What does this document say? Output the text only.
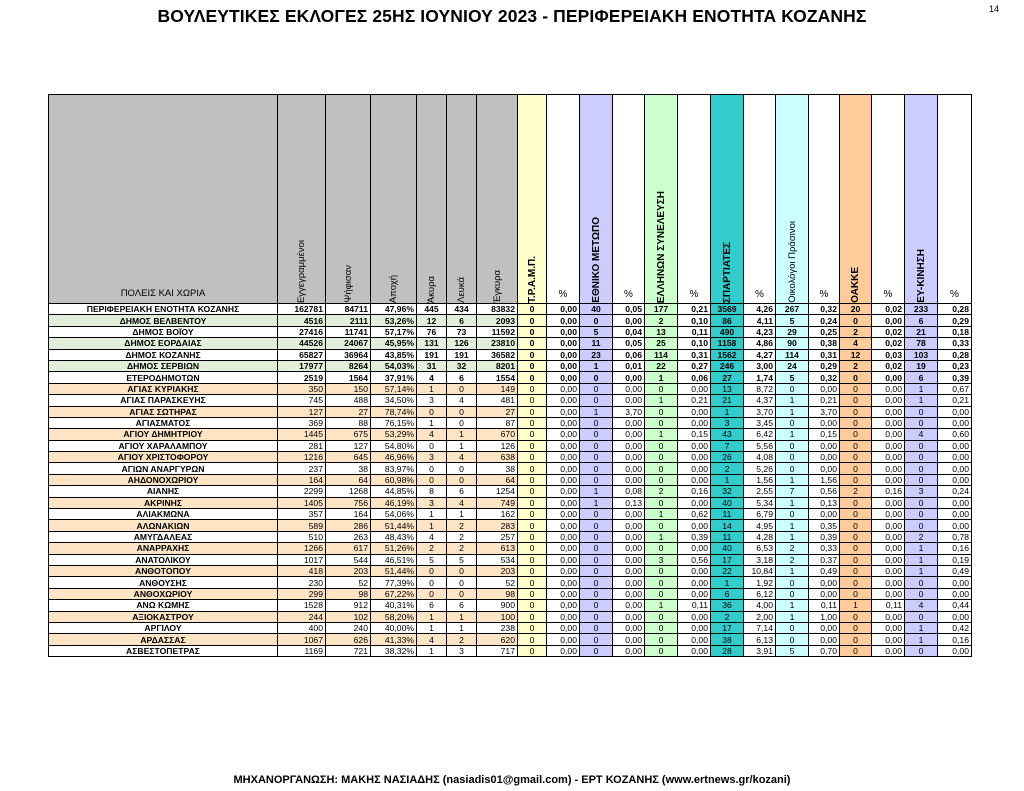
ΒΟΥΛΕΥΤΙΚΕΣ ΕΚΛΟΓΕΣ 25ΗΣ ΙΟΥΝΙΟΥ 2023 - ΠΕΡΙΦΕΡΕΙΑΚΗ ΕΝΟΤΗΤΑ ΚΟΖΑΝΗΣ	14
ΠΟΛΕΙΣ ΚΑΙ ΧΩΡΙΑ	Εγγεγραμμένοι	Ψήφισαν	Αποχή	Άκυρα	Λευκά	Έγκυρα	Τ.Ρ.Α.Μ.Π.	%	ΕΘΝΙΚΟ ΜΕΤΩΠΟ	%	ΕΛΛΗΝΩΝ ΣΥΝΕΛΕΥΣΗ	%	ΣΠΑΡΤΙΑΤΕΣ	%	Οικολόγοι Πράσινοι	%	ΟΑΚΚΕ	%	ΕΥ-ΚΙΝΗΣΗ	%
ΠΕΡΙΦΕΡΕΙΑΚΗ ΕΝΟΤΗΤΑ ΚΟΖΑΝΗΣ	162781	84711	47,96%	445	434	83832	0	0,00	40	0,05	177	0,21	3569	4,26	267	0,32	20	0,02	233	0,28
ΔΗΜΟΣ ΒΕΛΒΕΝΤΟΥ	4516	2111	53,26%	12	6	2093	0	0,00	0	0,00	2	0,10	86	4,11	5	0,24	0	0,00	6	0,29
ΔΗΜΟΣ ΒΟΪΟΥ	27416	11741	57,17%	76	73	11592	0	0,00	5	0,04	13	0,11	490	4,23	29	0,25	2	0,02	21	0,18
ΔΗΜΟΣ ΕΟΡΔΑΙΑΣ	44526	24067	45,95%	131	126	23810	0	0,00	11	0,05	25	0,10	1158	4,86	90	0,38	4	0,02	78	0,33
ΔΗΜΟΣ ΚΟΖΑΝΗΣ	65827	36964	43,85%	191	191	36582	0	0,00	23	0,06	114	0,31	1562	4,27	114	0,31	12	0,03	103	0,28
ΔΗΜΟΣ ΣΕΡΒΙΩΝ	17977	8264	54,03%	31	32	8201	0	0,00	1	0,01	22	0,27	246	3,00	24	0,29	2	0,02	19	0,23
ΕΤΕΡΟΔΗΜΟΤΩΝ	2519	1564	37,91%	4	6	1554	0	0,00	0	0,00	1	0,06	27	1,74	5	0,32	0	0,00	6	0,39
ΑΓΙΑΣ ΚΥΡΙΑΚΗΣ	350	150	57,14%	1	0	149	0	0,00	0	0,00	0	0,00	13	8,72	0	0,00	0	0,00	1	0,67
ΑΓΙΑΣ ΠΑΡΑΣΚΕΥΗΣ	745	488	34,50%	3	4	481	0	0,00	0	0,00	1	0,21	21	4,37	1	0,21	0	0,00	1	0,21
ΑΓΙΑΣ ΣΩΤΗΡΑΣ	127	27	78,74%	0	0	27	0	0,00	1	3,70	0	0,00	1	3,70	1	3,70	0	0,00	0	0,00
ΑΓΙΑΣΜΑΤΟΣ	369	88	76,15%	1	0	87	0	0,00	0	0,00	0	0,00	3	3,45	0	0,00	0	0,00	0	0,00
ΑΓΙΟΥ ΔΗΜΗΤΡΙΟΥ	1445	675	53,29%	4	1	670	0	0,00	0	0,00	1	0,15	43	6,42	1	0,15	0	0,00	4	0,60
ΑΓΙΟΥ ΧΑΡΑΛΑΜΠΟΥ	281	127	54,80%	0	1	126	0	0,00	0	0,00	0	0,00	7	5,56	0	0,00	0	0,00	0	0,00
ΑΓΙΟΥ ΧΡΙΣΤΟΦΟΡΟΥ	1216	645	46,96%	3	4	638	0	0,00	0	0,00	0	0,00	26	4,08	0	0,00	0	0,00	0	0,00
ΑΓΙΩΝ ΑΝΑΡΓΥΡΩΝ	237	38	83,97%	0	0	38	0	0,00	0	0,00	0	0,00	2	5,26	0	0,00	0	0,00	0	0,00
ΑΗΔΟΝΟΧΩΡΙΟΥ	164	64	60,98%	0	0	64	0	0,00	0	0,00	0	0,00	1	1,56	1	1,56	0	0,00	0	0,00
ΑΙΑΝΗΣ	2299	1268	44,85%	8	6	1254	0	0,00	1	0,08	2	0,16	32	2,55	7	0,56	2	0,16	3	0,24
ΑΚΡΙΝΗΣ	1405	756	46,19%	3	4	749	0	0,00	1	0,13	0	0,00	40	5,34	1	0,13	0	0,00	0	0,00
ΑΛΙΑΚΜΩΝΑ	357	164	54,06%	1	1	162	0	0,00	0	0,00	1	0,62	11	6,79	0	0,00	0	0,00	0	0,00
ΑΛΩΝΑΚΙΩΝ	589	286	51,44%	1	2	283	0	0,00	0	0,00	0	0,00	14	4,95	1	0,35	0	0,00	0	0,00
ΑΜΥΓΔΑΛΕΑΣ	510	263	48,43%	4	2	257	0	0,00	0	0,00	1	0,39	11	4,28	1	0,39	0	0,00	2	0,78
ΑΝΑΡΡΑΧΗΣ	1266	617	51,26%	2	2	613	0	0,00	0	0,00	0	0,00	40	6,53	2	0,33	0	0,00	1	0,16
ΑΝΑΤΟΛΙΚΟΥ	1017	544	46,51%	5	5	534	0	0,00	0	0,00	3	0,56	17	3,18	2	0,37	0	0,00	1	0,19
ΑΝΘΟΤΟΠΟΥ	418	203	51,44%	0	0	203	0	0,00	0	0,00	0	0,00	22	10,84	1	0,49	0	0,00	1	0,49
ΑΝΘΟΥΣΗΣ	230	52	77,39%	0	0	52	0	0,00	0	0,00	0	0,00	1	1,92	0	0,00	0	0,00	0	0,00
ΑΝΘΟΧΩΡΙΟΥ	299	98	67,22%	0	0	98	0	0,00	0	0,00	0	0,00	6	6,12	0	0,00	0	0,00	0	0,00
ΑΝΩ ΚΩΜΗΣ	1528	912	40,31%	6	6	900	0	0,00	0	0,00	1	0,11	36	4,00	1	0,11	1	0,11	4	0,44
ΑΞΙΟΚΑΣΤΡΟΥ	244	102	58,20%	1	1	100	0	0,00	0	0,00	0	0,00	2	2,00	1	1,00	0	0,00	0	0,00
ΑΡΓΙΛΟΥ	400	240	40,00%	1	1	238	0	0,00	0	0,00	0	0,00	17	7,14	0	0,00	0	0,00	1	0,42
ΑΡΔΑΣΣΑΣ	1067	626	41,33%	4	2	620	0	0,00	0	0,00	0	0,00	38	6,13	0	0,00	0	0,00	1	0,16
ΑΣΒΕΣΤΟΠΕΤΡΑΣ	1169	721	38,32%	1	3	717	0	0,00	0	0,00	0	0,00	28	3,91	5	0,70	0	0,00	0	0,00
ΜΗΧΑΝΟΡΓΑΝΩΣΗ: ΜΑΚΗΣ ΝΑΣΙΑΔΗΣ (nasiadis01@gmail.com) - ΕΡΤ ΚΟΖΑΝΗΣ (www.ertnews.gr/kozani)
